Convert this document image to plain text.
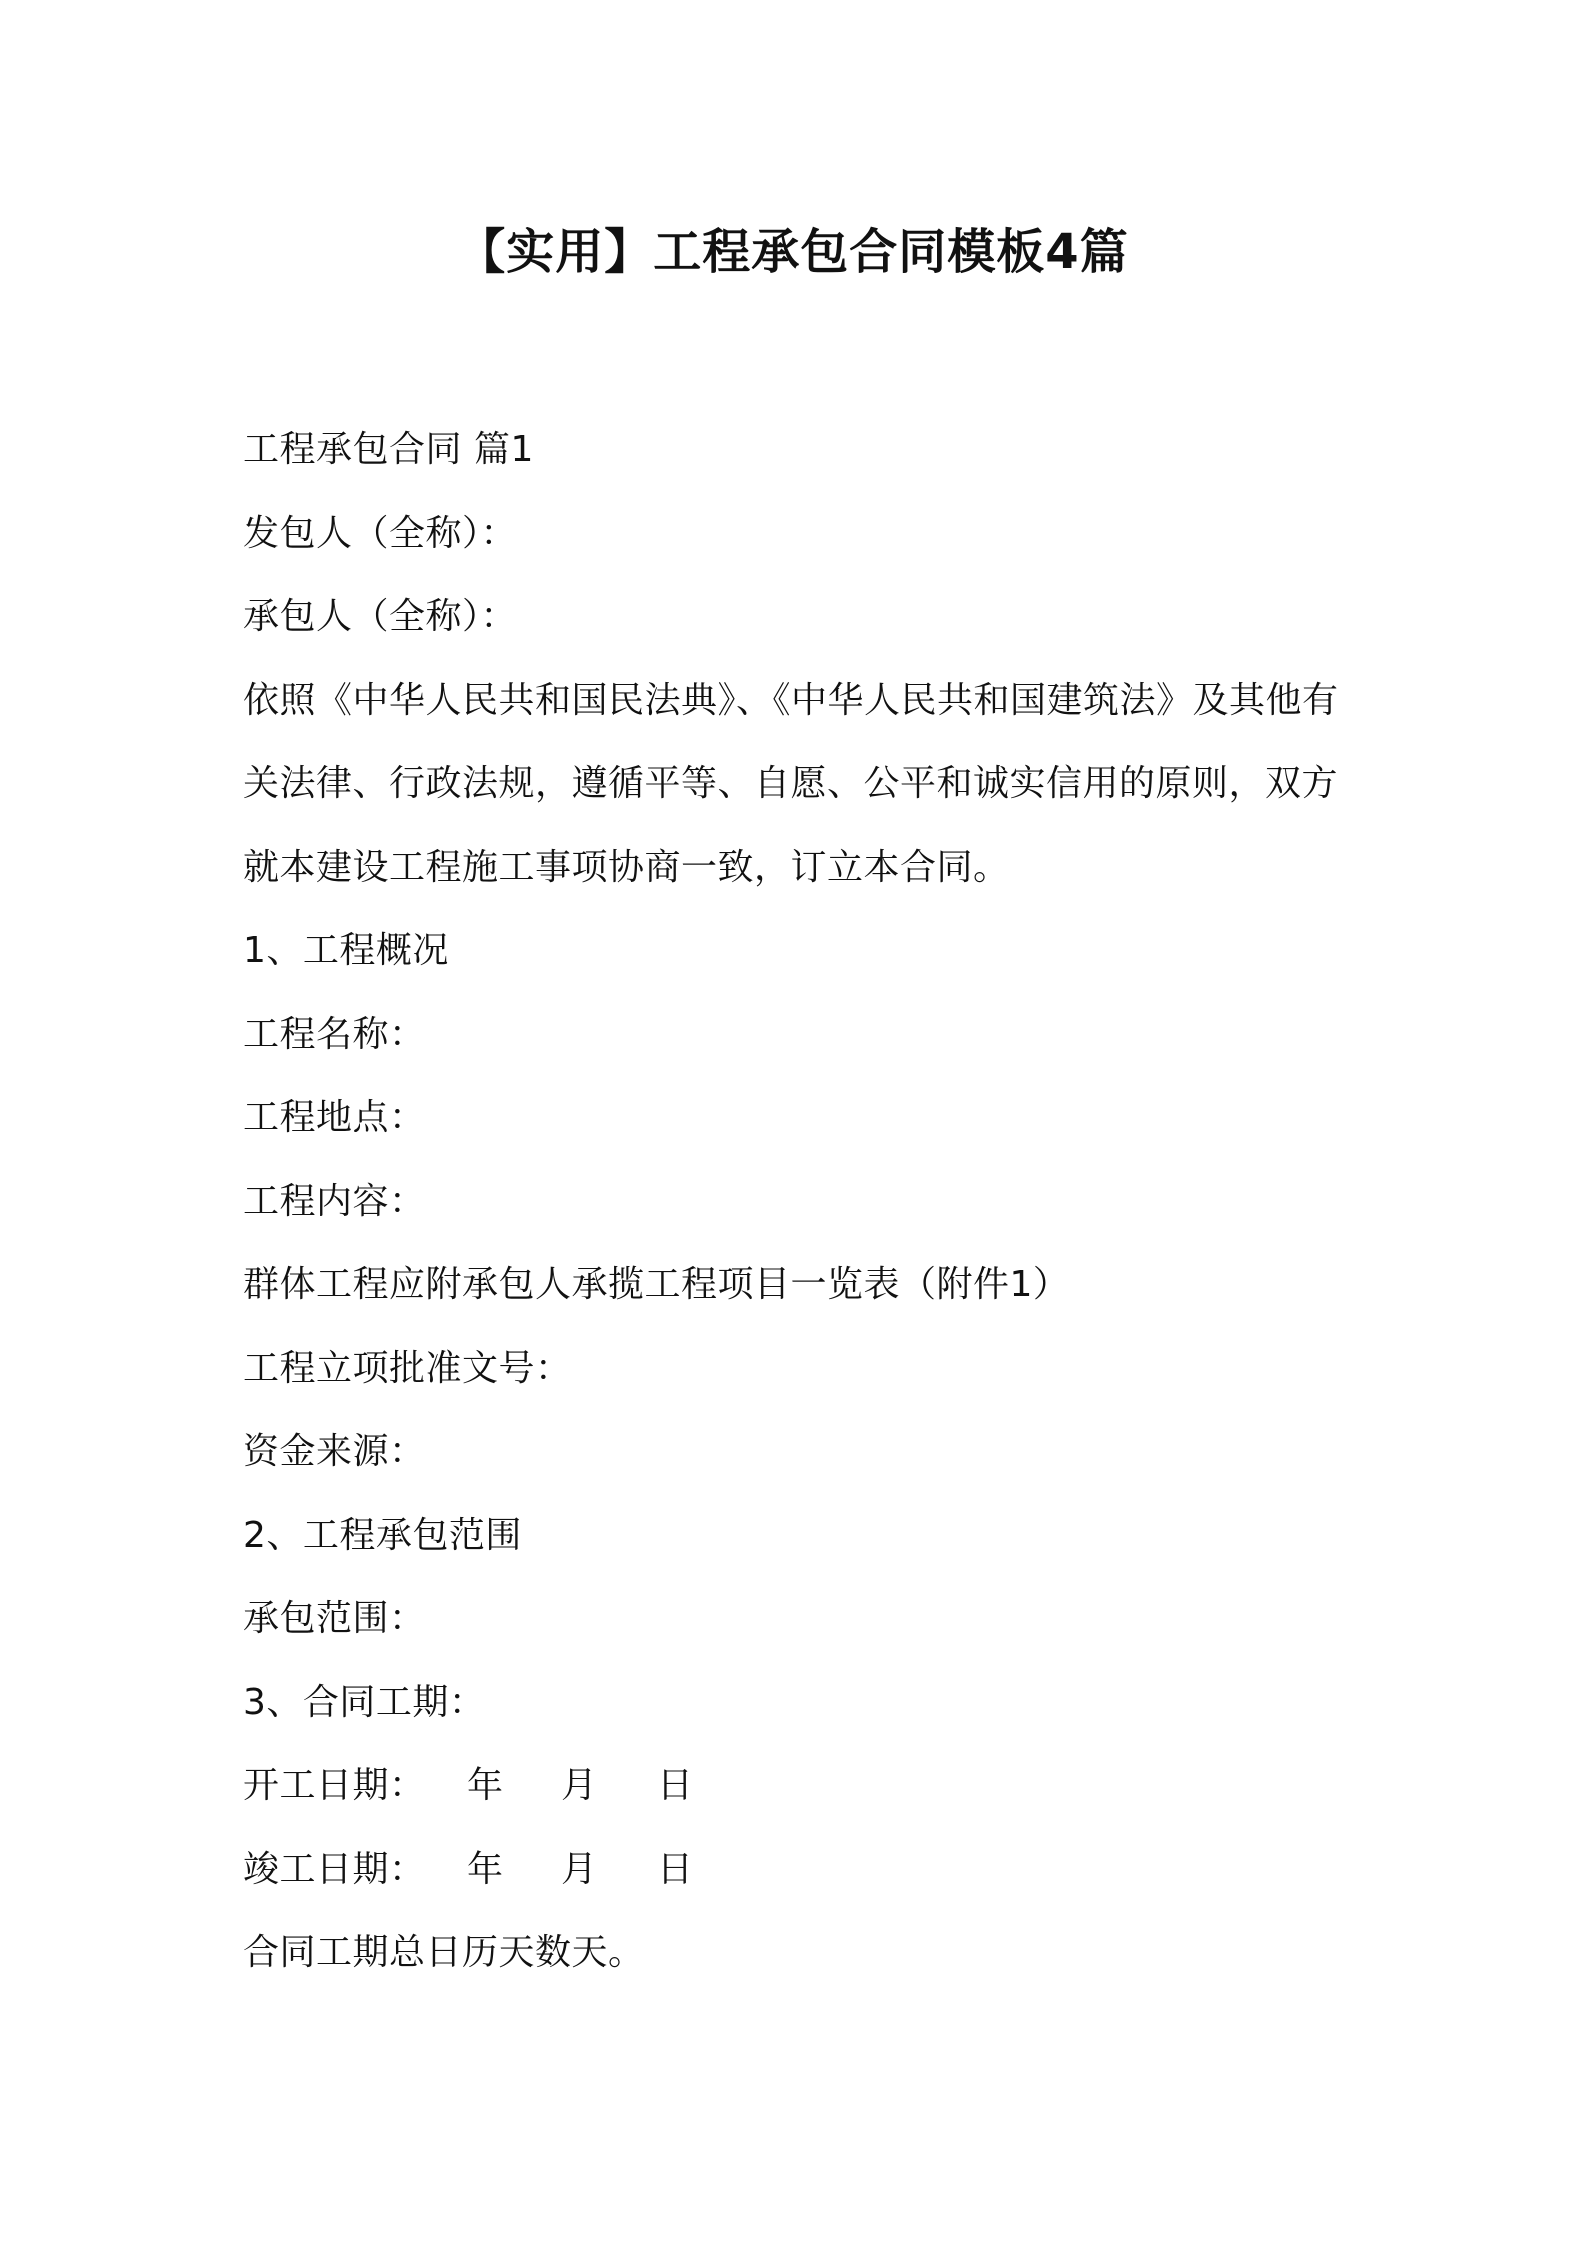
【实用】工程承包合同模板4篇
工程承包合同 篇1
发包人（全称）：
承包人（全称）：
依照《中华人民共和国民法典》、《中华人民共和国建筑法》及其他有
关法律、行政法规，遵循平等、自愿、公平和诚实信用的原则，双方
就本建设工程施工事项协商一致，订立本合同。
1、工程概况
工程名称：
工程地点：
工程内容：
群体工程应附承包人承揽工程项目一览表（附件1）
工程立项批准文号：
资金来源：
2、工程承包范围
承包范围：
3、合同工期：
开工日期：	年	月	日
竣工日期：	年	月	日
合同工期总日历天数天。
